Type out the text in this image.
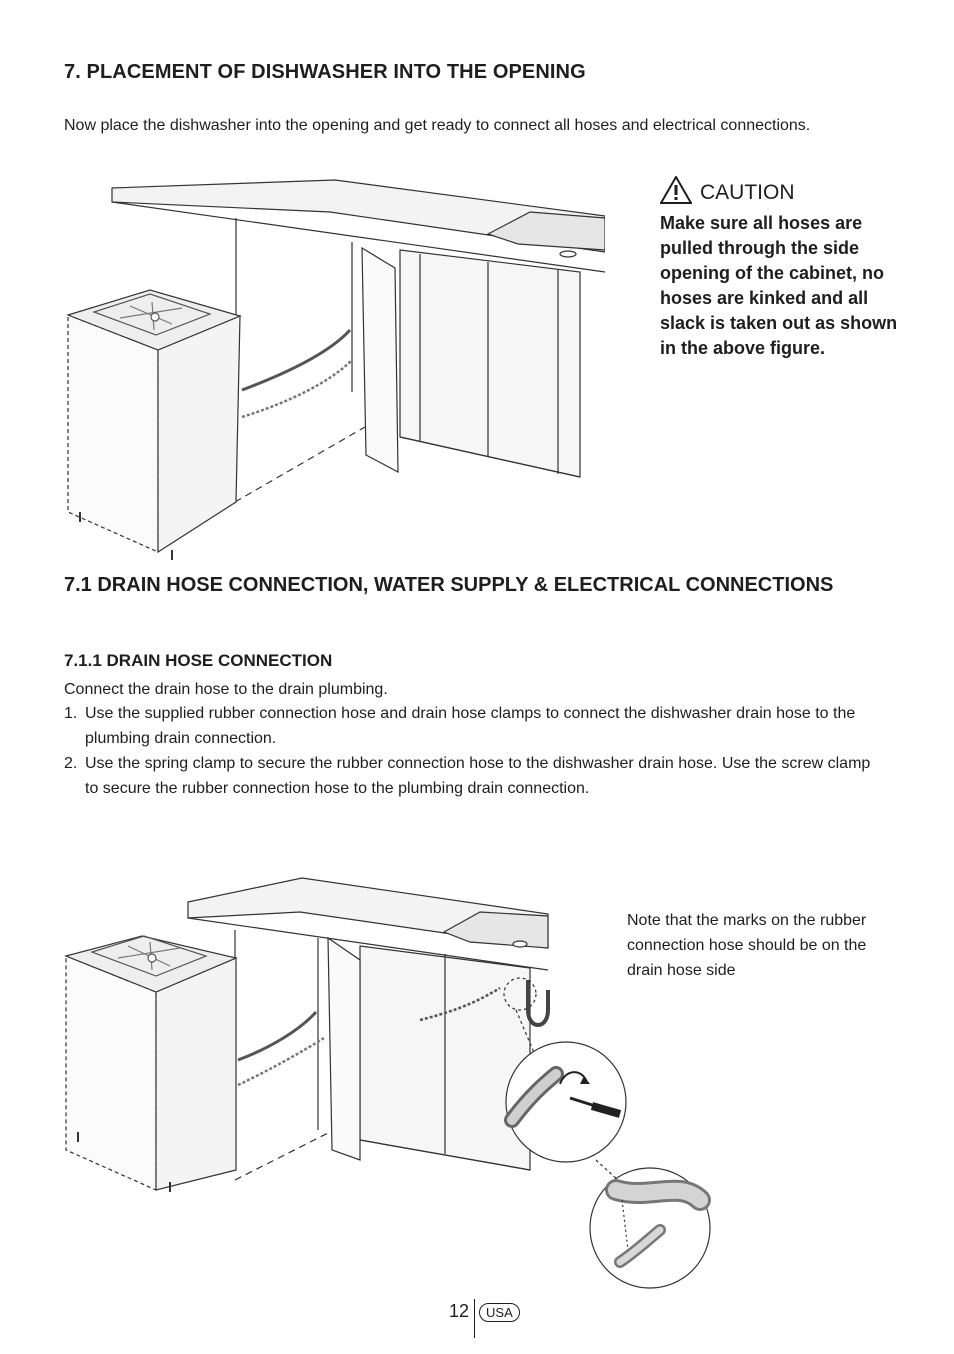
7. PLACEMENT OF DISHWASHER INTO THE OPENING
Now place the dishwasher into the opening and get ready to connect all hoses and electrical connections.
CAUTION
Make sure all hoses are pulled through the side opening of the cabinet, no hoses are kinked and all slack is taken out as shown in the above figure.
7.1 DRAIN HOSE CONNECTION, WATER SUPPLY & ELECTRICAL CONNECTIONS
7.1.1 DRAIN HOSE CONNECTION
Connect the drain hose to the drain plumbing.
1. Use the supplied rubber connection hose and drain hose clamps to connect the dishwasher drain hose to the plumbing drain connection.
2. Use the spring clamp to secure the rubber connection hose to the dishwasher drain hose. Use the screw clamp to secure the rubber connection hose to the plumbing drain connection.
Note that the marks on the rubber connection hose should be on the drain hose side
12	USA
